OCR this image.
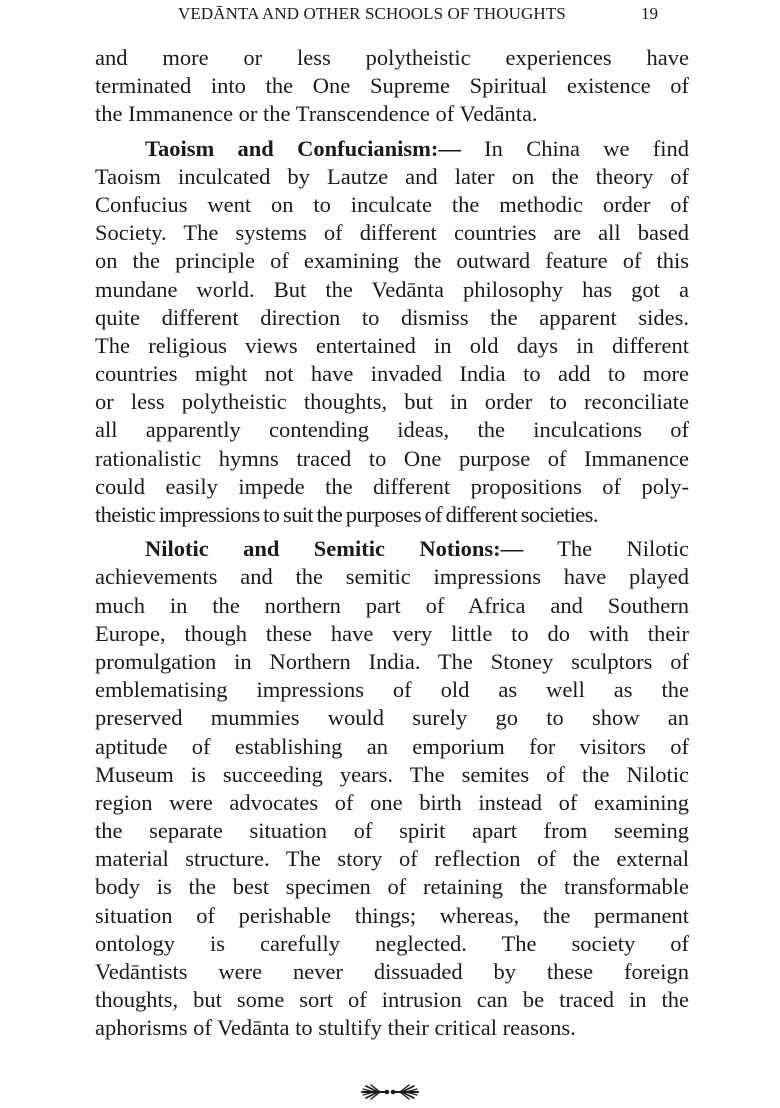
VEDĀNTA AND OTHER SCHOOLS OF THOUGHTS	19
and more or less polytheistic experiences have
terminated into the One Supreme Spiritual existence of
the Immanence or the Transcendence of Vedānta.
Taoism and Confucianism:— In China we find
Taoism inculcated by Lautze and later on the theory of
Confucius went on to inculcate the methodic order of
Society. The systems of different countries are all based
on the principle of examining the outward feature of this
mundane world. But the Vedānta philosophy has got a
quite different direction to dismiss the apparent sides.
The religious views entertained in old days in different
countries might not have invaded India to add to more
or less polytheistic thoughts, but in order to reconciliate
all apparently contending ideas, the inculcations of
rationalistic hymns traced to One purpose of Immanence
could easily impede the different propositions of poly-
theistic impressions to suit the purposes of different societies.
Nilotic and Semitic Notions:— The Nilotic
achievements and the semitic impressions have played
much in the northern part of Africa and Southern
Europe, though these have very little to do with their
promulgation in Northern India. The Stoney sculptors of
emblematising impressions of old as well as the
preserved mummies would surely go to show an
aptitude of establishing an emporium for visitors of
Museum is succeeding years. The semites of the Nilotic
region were advocates of one birth instead of examining
the separate situation of spirit apart from seeming
material structure. The story of reflection of the external
body is the best specimen of retaining the transformable
situation of perishable things; whereas, the permanent
ontology is carefully neglected. The society of
Vedāntists were never dissuaded by these foreign
thoughts, but some sort of intrusion can be traced in the
aphorisms of Vedānta to stultify their critical reasons.
